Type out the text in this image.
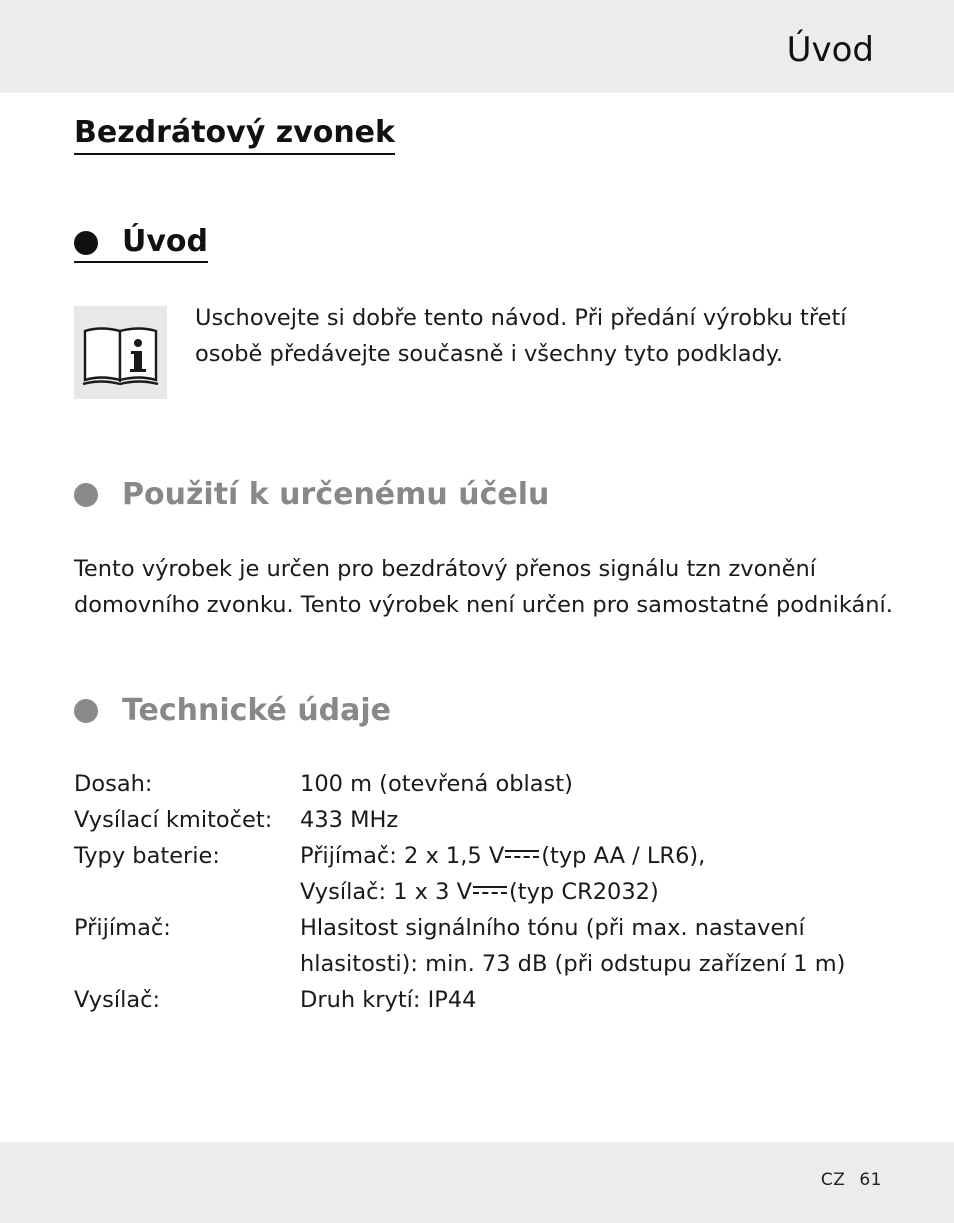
Úvod
Bezdrátový zvonek
Úvod

Uschovejte si dobře tento návod. Při předání výrobku třetí
osobě předávejte současně i všechny tyto podklady.

Použití k určenému účelu

Tento výrobek je určen pro bezdrátový přenos signálu tzn zvonění
domovního zvonku. Tento výrobek není určen pro samostatné podnikání.

Technické údaje
Dosah:	100 m (otevřená oblast)
Vysílací kmitočet: 433 MHz
Typy baterie:	Přijímač: 2 x 1,5 V (typ AA / LR6),
Vysílač: 1 x 3 V (typ CR2032)
Přijímač:	Hlasitost signálního tónu (při max. nastavení
hlasitosti): min. 73 dB (při odstupu zařízení 1 m)
Vysílač:	Druh krytí: IP44
CZ 61
